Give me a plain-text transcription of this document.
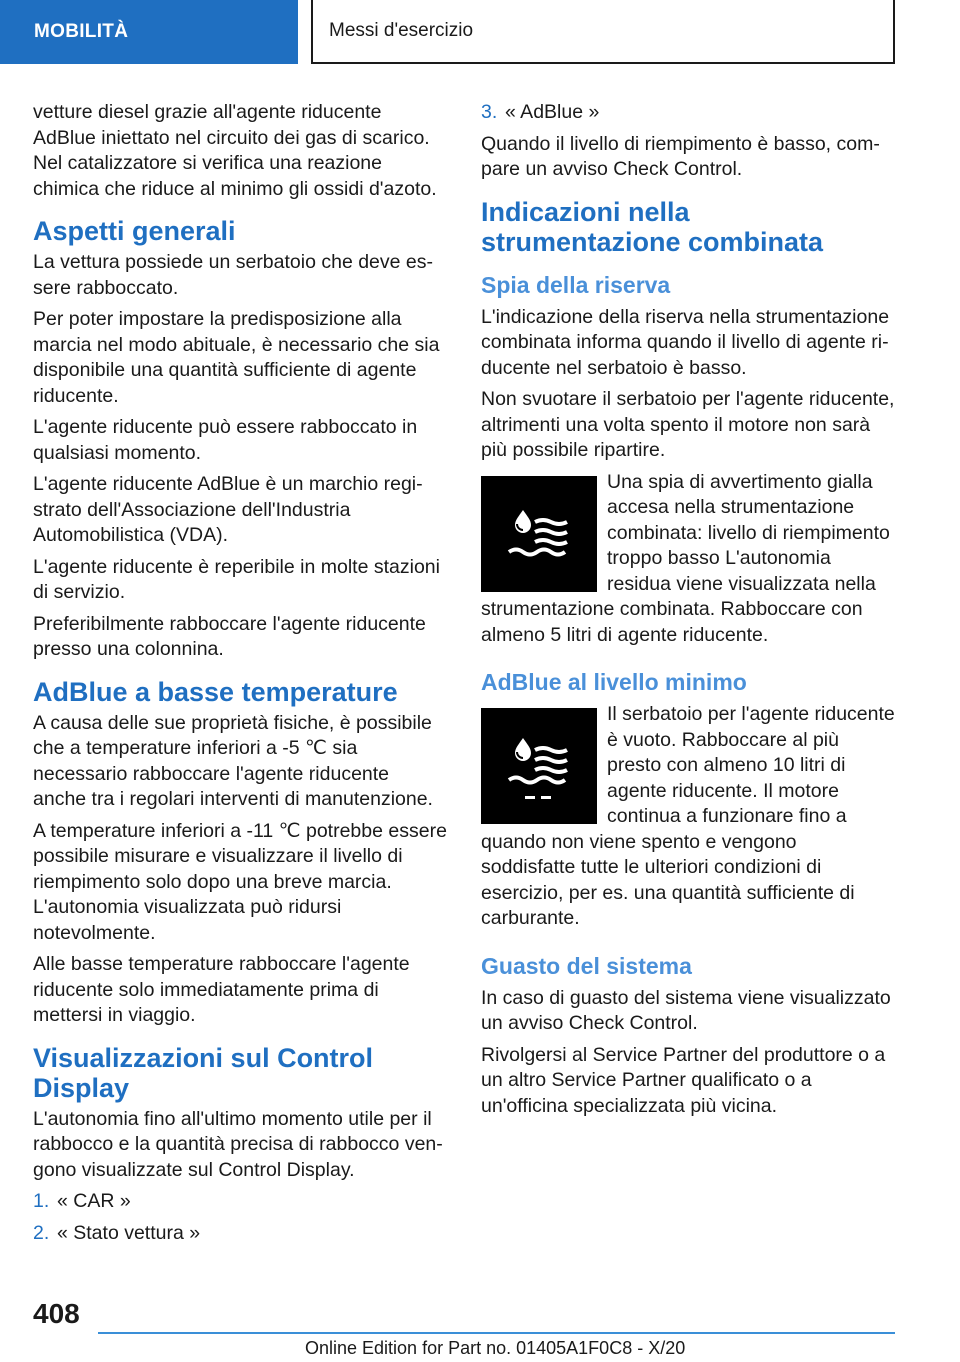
MOBILITÀ	Messi d'esercizio

vetture diesel grazie all'agente riducente AdBlue iniettato nel circuito dei gas di scarico. Nel catalizzatore si verifica una reazione chimica che riduce al minimo gli ossidi d'azoto.

Aspetti generali

La vettura possiede un serbatoio che deve essere rabboccato.

Per poter impostare la predisposizione alla marcia nel modo abituale, è necessario che sia disponibile una quantità sufficiente di agente riducente.

L'agente riducente può essere rabboccato in qualsiasi momento.

L'agente riducente AdBlue è un marchio registrato dell'Associazione dell'Industria Automobilistica (VDA).

L'agente riducente è reperibile in molte stazioni di servizio.

Preferibilmente rabboccare l'agente riducente presso una colonnina.

AdBlue a basse temperature

A causa delle sue proprietà fisiche, è possibile che a temperature inferiori a -5 ℃ sia necessario rabboccare l'agente riducente anche tra i regolari interventi di manutenzione.

A temperature inferiori a -11 ℃ potrebbe essere possibile misurare e visualizzare il livello di riempimento solo dopo una breve marcia. L'autonomia visualizzata può ridursi notevolmente.

Alle basse temperature rabboccare l'agente riducente solo immediatamente prima di mettersi in viaggio.

Visualizzazioni sul Control Display

L'autonomia fino all'ultimo momento utile per il rabbocco e la quantità precisa di rabbocco vengono visualizzate sul Control Display.

1. « CAR »
2. « Stato vettura »
3. « AdBlue »

Quando il livello di riempimento è basso, compare un avviso Check Control.

Indicazioni nella strumentazione combinata
Spia della riserva

L'indicazione della riserva nella strumentazione combinata informa quando il livello di agente riducente nel serbatoio è basso.

Non svuotare il serbatoio per l'agente riducente, altrimenti una volta spento il motore non sarà più possibile ripartire.

Una spia di avvertimento gialla accesa nella strumentazione combinata: livello di riempimento troppo basso L'autonomia residua viene visualizzata nella strumentazione combinata. Rabboccare con almeno 5 litri di agente riducente.

AdBlue al livello minimo

Il serbatoio per l'agente riducente è vuoto. Rabboccare al più presto con almeno 10 litri di agente riducente. Il motore continua a funzionare fino a quando non viene spento e vengono soddisfatte tutte le ulteriori condizioni di esercizio, per es. una quantità sufficiente di carburante.

Guasto del sistema

In caso di guasto del sistema viene visualizzato un avviso Check Control.

Rivolgersi al Service Partner del produttore o a un altro Service Partner qualificato o a un'officina specializzata più vicina.

408
Online Edition for Part no. 01405A1F0C8 - X/20
